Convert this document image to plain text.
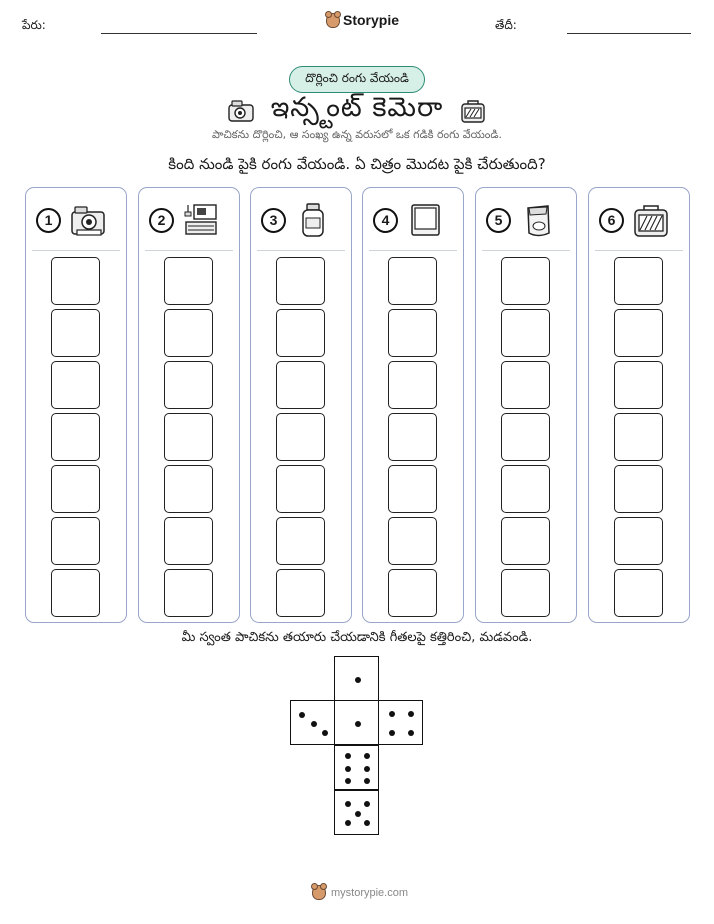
పేరు:	Storypie	తేదీ:
దొర్లించి రంగు వేయండి
ఇన్స్టంట్ కెమెరా
పాచికను దొర్లించి, ఆ సంఖ్య ఉన్న వరుసలో ఒక గడికి రంగు వేయండి.
కింది నుండి పైకి రంగు వేయండి. ఏ చిత్రం మొదట పైకి చేరుతుంది?
1	2	3	4	5	6
మీ స్వంత పాచికను తయారు చేయడానికి గీతలపై కత్తిరించి, మడవండి.
mystorypie.com
